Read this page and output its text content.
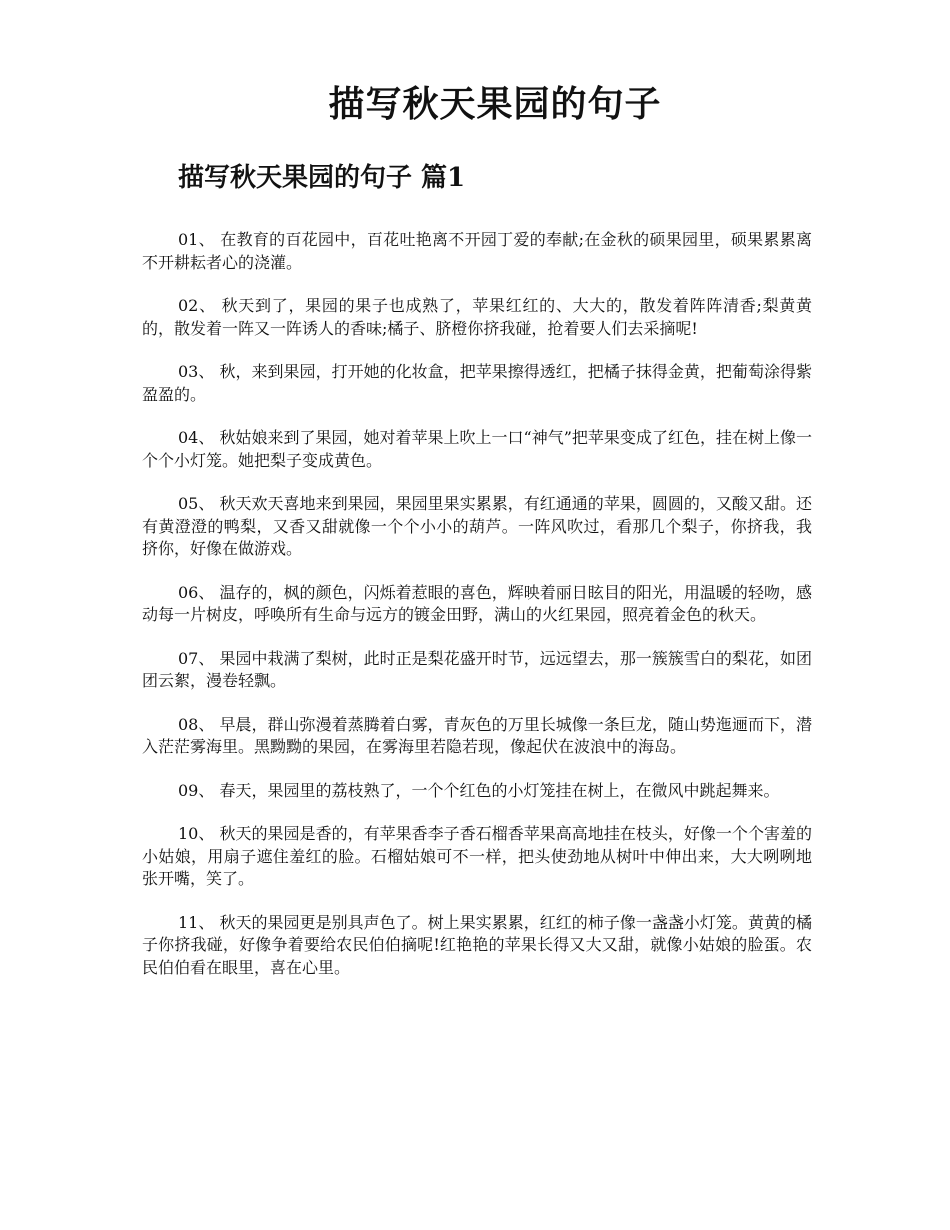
描写秋天果园的句子
描写秋天果园的句子 篇1

01、 在教育的百花园中，百花吐艳离不开园丁爱的奉献;在金秋的硕果园里，硕果累累离不开耕耘者心的浇灌。

02、 秋天到了，果园的果子也成熟了，苹果红红的、大大的，散发着阵阵清香;梨黄黄的，散发着一阵又一阵诱人的香味;橘子、脐橙你挤我碰，抢着要人们去采摘呢!

03、 秋，来到果园，打开她的化妆盒，把苹果擦得透红，把橘子抹得金黄，把葡萄涂得紫盈盈的。

04、 秋姑娘来到了果园，她对着苹果上吹上一口“神气”把苹果变成了红色，挂在树上像一个个小灯笼。她把梨子变成黄色。

05、 秋天欢天喜地来到果园，果园里果实累累，有红通通的苹果，圆圆的，又酸又甜。还有黄澄澄的鸭梨，又香又甜就像一个个小小的葫芦。一阵风吹过，看那几个梨子，你挤我，我挤你，好像在做游戏。

06、 温存的，枫的颜色，闪烁着惹眼的喜色，辉映着丽日眩目的阳光，用温暖的轻吻，感动每一片树皮，呼唤所有生命与远方的镀金田野，满山的火红果园，照亮着金色的秋天。

07、 果园中栽满了梨树，此时正是梨花盛开时节，远远望去，那一簇簇雪白的梨花，如团团云絮，漫卷轻飘。

08、 早晨，群山弥漫着蒸腾着白雾，青灰色的万里长城像一条巨龙，随山势迤逦而下，潜入茫茫雾海里。黑黝黝的果园，在雾海里若隐若现，像起伏在波浪中的海岛。

09、 春天，果园里的荔枝熟了，一个个红色的小灯笼挂在树上，在微风中跳起舞来。

10、 秋天的果园是香的，有苹果香李子香石榴香苹果高高地挂在枝头，好像一个个害羞的小姑娘，用扇子遮住羞红的脸。石榴姑娘可不一样，把头使劲地从树叶中伸出来，大大咧咧地张开嘴，笑了。

11、 秋天的果园更是别具声色了。树上果实累累，红红的柿子像一盏盏小灯笼。黄黄的橘子你挤我碰，好像争着要给农民伯伯摘呢!红艳艳的苹果长得又大又甜，就像小姑娘的脸蛋。农民伯伯看在眼里，喜在心里。
